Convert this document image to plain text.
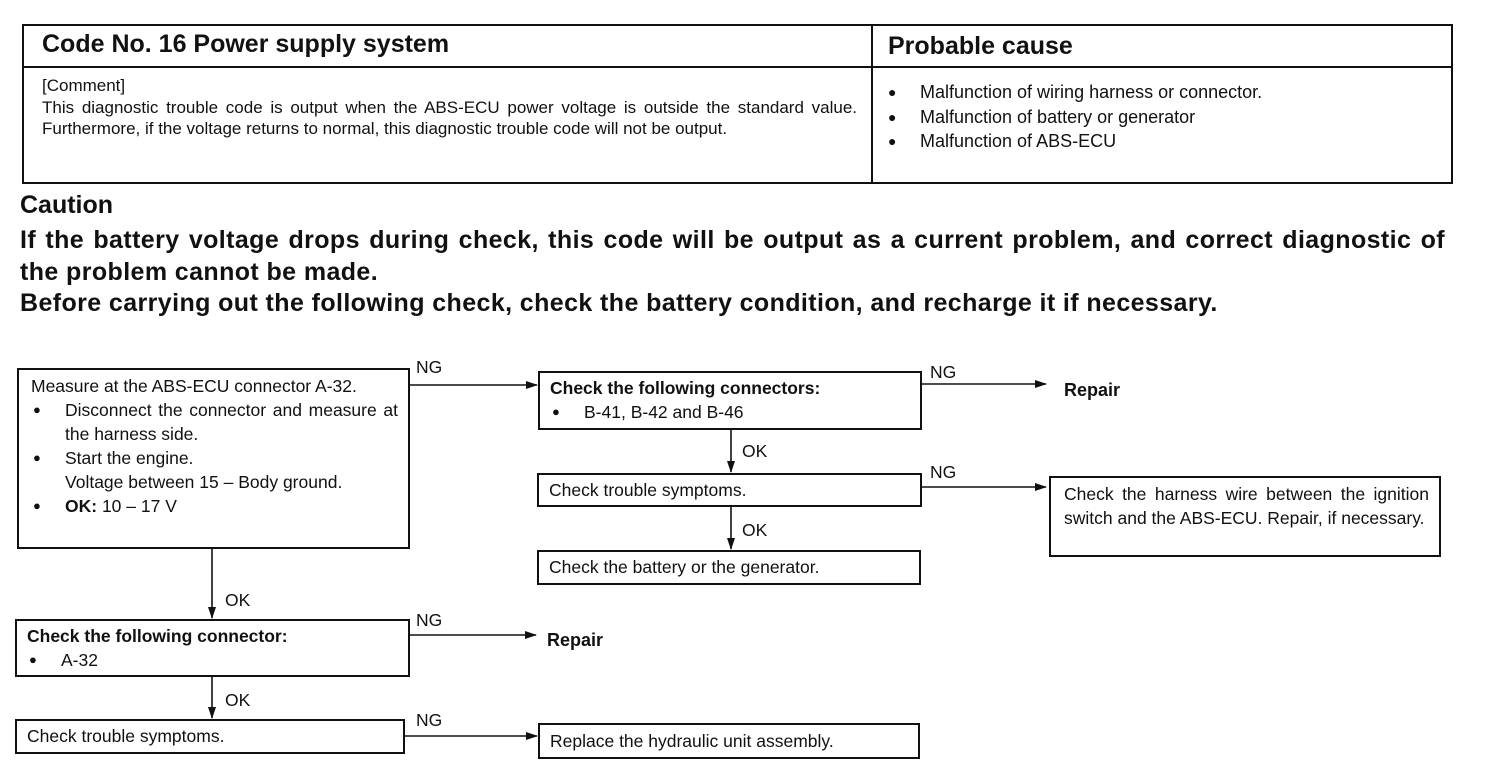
Code No. 16 Power supply system	Probable cause

[Comment]

This diagnostic trouble code is output when the ABS-ECU power voltage is outside the standard value. Furthermore, if the voltage returns to normal, this diagnostic trouble code will not be output.

● Malfunction of wiring harness or connector.
● Malfunction of battery or generator
● Malfunction of ABS-ECU
Caution

If the battery voltage drops during check, this code will be output as a current problem, and correct diagnostic of the problem cannot be made.

Before carrying out the following check, check the battery condition, and recharge it if necessary.

Measure at the ABS-ECU connector A-32.
● Disconnect the connector and measure at the harness side.
● Start the engine.
Voltage between 15 – Body ground.
● OK: 10 – 17 V
Check the following connectors:
● B-41, B-42 and B-46
Check trouble symptoms.
Check the battery or the generator.
Check the harness wire between the ignition switch and the ABS-ECU. Repair, if necessary.
Check the following connector:
● A-32
Check trouble symptoms.	Replace the hydraulic unit assembly.
NG	NG
NG
NG
NG
OK
OK
OK
OK
Repair
Repair
